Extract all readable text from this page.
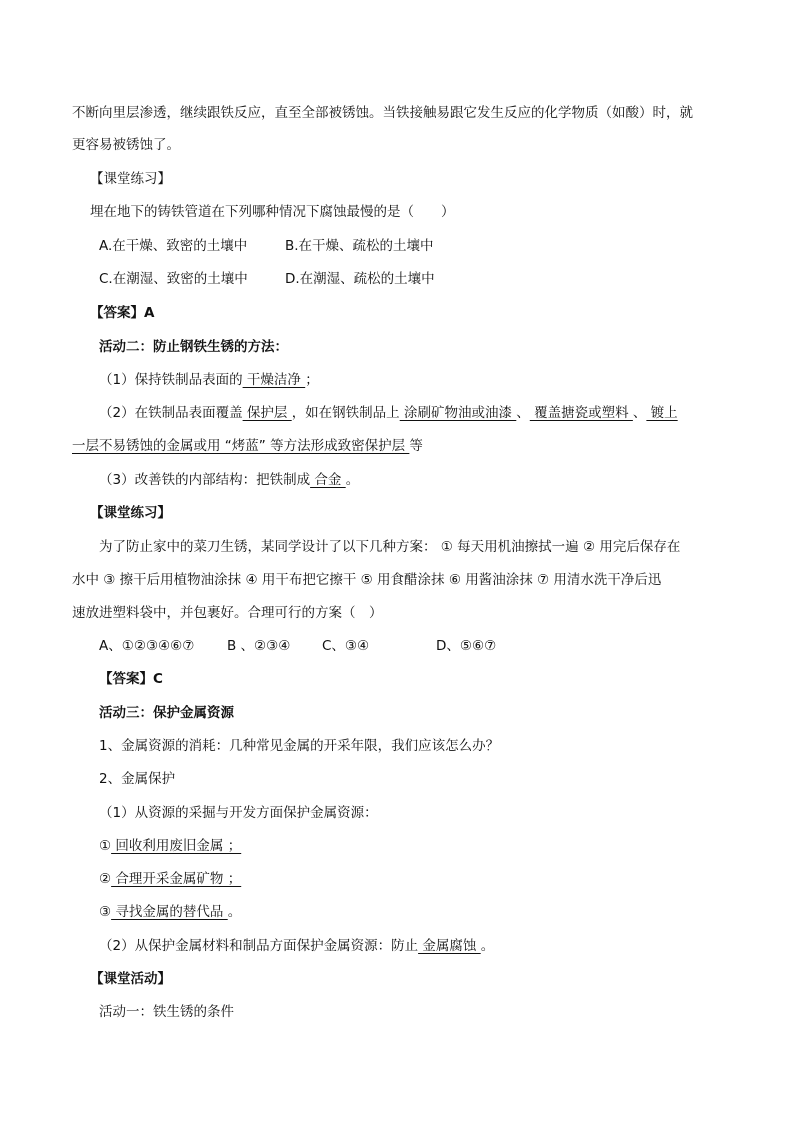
不断向里层渗透，继续跟铁反应，直至全部被锈蚀。当铁接触易跟它发生反应的化学物质（如酸）时，就
更容易被锈蚀了。
【课堂练习】
埋在地下的铸铁管道在下列哪种情况下腐蚀最慢的是（　　）
A.在干燥、致密的土壤中	B.在干燥、疏松的土壤中
C.在潮湿、致密的土壤中	D.在潮湿、疏松的土壤中
【答案】A
活动二：防止钢铁生锈的方法：
（1）保持铁制品表面的 干燥洁净 ；
（2）在铁制品表面覆盖 保护层 ，如在钢铁制品上 涂刷矿物油或油漆 、 覆盖搪瓷或塑料 、 镀上
一层不易锈蚀的金属或用 “烤蓝” 等方法形成致密保护层 等
（3）改善铁的内部结构：把铁制成 合金 。
【课堂练习】
为了防止家中的菜刀生锈，某同学设计了以下几种方案： ① 每天用机油擦拭一遍 ② 用完后保存在
水中 ③ 擦干后用植物油涂抹 ④ 用干布把它擦干 ⑤ 用食醋涂抹 ⑥ 用酱油涂抹 ⑦ 用清水洗干净后迅
速放进塑料袋中，并包裹好。合理可行的方案（　）
A、①②③④⑥⑦ B 、②③④ C、③④	D、⑤⑥⑦
【答案】C
活动三：保护金属资源
1、金属资源的消耗：几种常见金属的开采年限，我们应该怎么办？
2、金属保护
（1）从资源的采掘与开发方面保护金属资源：
① 回收利用废旧金属 ；
② 合理开采金属矿物 ；
③ 寻找金属的替代品 。
（2）从保护金属材料和制品方面保护金属资源：防止 金属腐蚀 。
【课堂活动】
活动一：铁生锈的条件
